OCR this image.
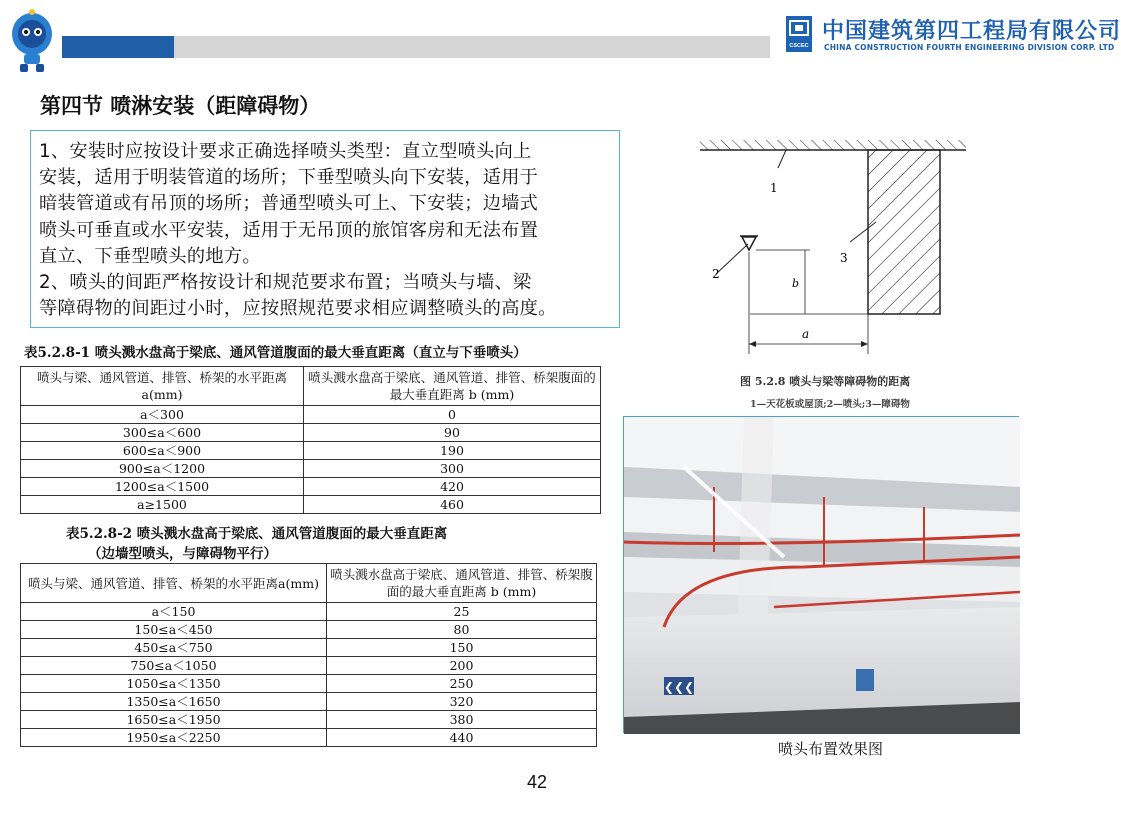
CSCEC
中国建筑第四工程局有限公司
CHINA CONSTRUCTION FOURTH ENGINEERING DIVISION CORP. LTD
第四节 喷淋安装（距障碍物）

1、安装时应按设计要求正确选择喷头类型：直立型喷头向上

安装，适用于明装管道的场所；下垂型喷头向下安装，适用于

暗装管道或有吊顶的场所；普通型喷头可上、下安装；边墙式

喷头可垂直或水平安装，适用于无吊顶的旅馆客房和无法布置

直立、下垂型喷头的地方。

2、喷头的间距严格按设计和规范要求布置；当喷头与墙、梁

等障碍物的间距过小时，应按照规范要求相应调整喷头的高度。

表5.2.8-1 喷头溅水盘高于梁底、通风管道腹面的最大垂直距离（直立与下垂喷头）
喷头与梁、通风管道、排管、桥架的水平距离a(mm)	喷头溅水盘高于梁底、通风管道、排管、桥架腹面的最大垂直距离 b (mm)
a＜300	0
300≤a＜600	90
600≤a＜900	190
900≤a＜1200	300
1200≤a＜1500	420
a≥1500	460
表5.2.8-2 喷头溅水盘高于梁底、通风管道腹面的最大垂直距离
（边墙型喷头，与障碍物平行）
喷头与梁、通风管道、排管、桥架的水平距离a(mm)	喷头溅水盘高于梁底、通风管道、排管、桥架腹面的最大垂直距离 b (mm)
a＜150	25
150≤a＜450	80
450≤a＜750	150
750≤a＜1050	200
1050≤a＜1350	250
1350≤a＜1650	320
1650≤a＜1950	380
1950≤a＜2250	440
1
2
3
b
a
图 5.2.8 喷头与梁等障碍物的距离
1—天花板或屋顶;2—喷头;3—障碍物
❮❮❮
喷头布置效果图
42
